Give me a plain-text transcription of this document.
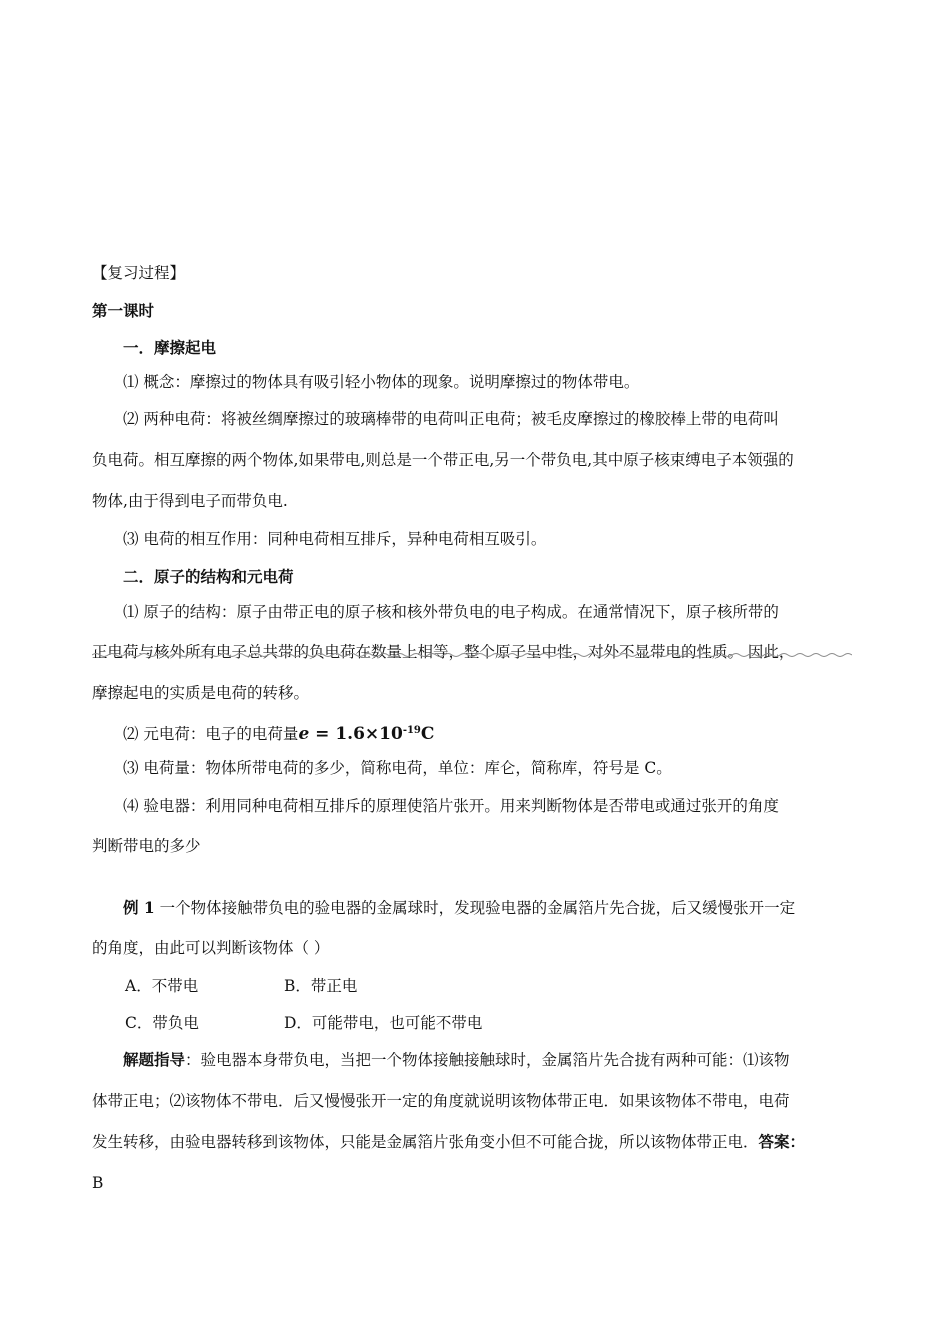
【复习过程】
第一课时
一．摩擦起电
⑴ 概念：摩擦过的物体具有吸引轻小物体的现象。说明摩擦过的物体带电。
⑵ 两种电荷：将被丝绸摩擦过的玻璃棒带的电荷叫正电荷；被毛皮摩擦过的橡胶棒上带的电荷叫
负电荷。相互摩擦的两个物体,如果带电,则总是一个带正电,另一个带负电,其中原子核束缚电子本领强的
物体,由于得到电子而带负电.
⑶ 电荷的相互作用：同种电荷相互排斥，异种电荷相互吸引。
二．原子的结构和元电荷
⑴ 原子的结构：原子由带正电的原子核和核外带负电的电子构成。在通常情况下，原子核所带的
正电荷与核外所有电子总共带的负电荷在数量上相等，整个原子呈中性，对外不显带电的性质。 因此，
摩擦起电的实质是电荷的转移。
⑵ 元电荷：电子的电荷量$e = 1.6\times 10^{-19}C$
⑶ 电荷量：物体所带电荷的多少，简称电荷，单位：库仑，简称库，符号是 C。
⑷ 验电器：利用同种电荷相互排斥的原理使箔片张开。用来判断物体是否带电或通过张开的角度
判断带电的多少
例 1 一个物体接触带负电的验电器的金属球时，发现验电器的金属箔片先合拢，后又缓慢张开一定
的角度，由此可以判断该物体（ ）
A．不带电	B．带正电
C．带负电	D．可能带电，也可能不带电
解题指导：验电器本身带负电，当把一个物体接触接触球时，金属箔片先合拢有两种可能：⑴该物
体带正电；⑵该物体不带电．后又慢慢张开一定的角度就说明该物体带正电．如果该物体不带电，电荷
发生转移，由验电器转移到该物体，只能是金属箔片张角变小但不可能合拢，所以该物体带正电．答案：
B
